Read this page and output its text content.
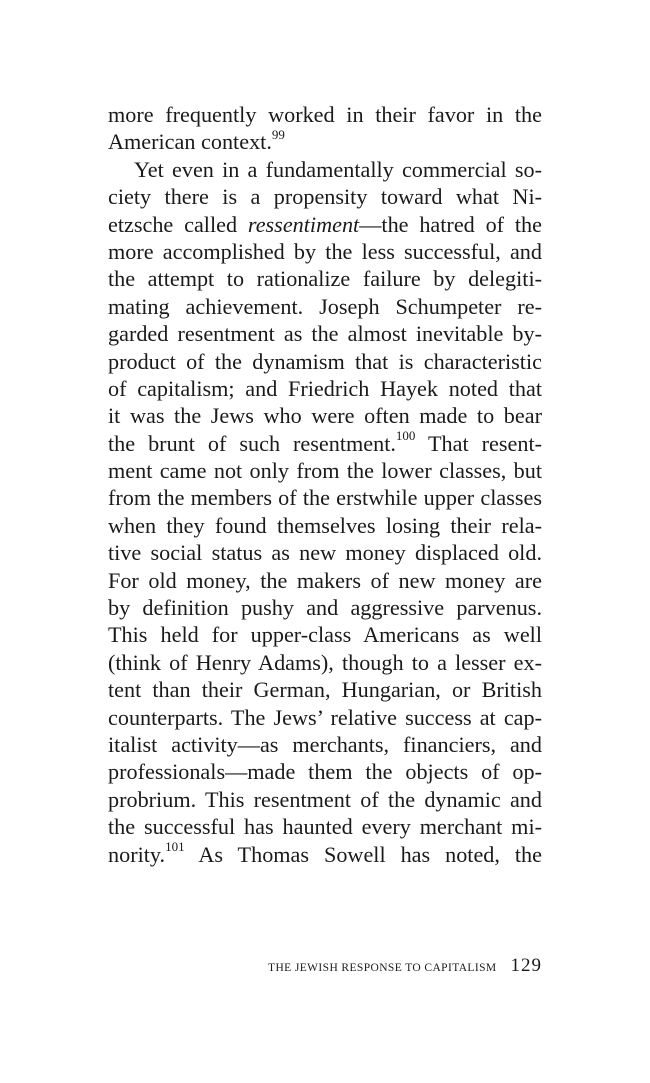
more frequently worked in their favor in the
American context.$^{99}$
Yet even in a fundamentally commercial so-
ciety there is a propensity toward what Ni-
etzsche called ressentiment—the hatred of the
more accomplished by the less successful, and
the attempt to rationalize failure by delegiti-
mating achievement. Joseph Schumpeter re-
garded resentment as the almost inevitable by-
product of the dynamism that is characteristic
of capitalism; and Friedrich Hayek noted that
it was the Jews who were often made to bear
the brunt of such resentment.$^{100}$ That resent-
ment came not only from the lower classes, but
from the members of the erstwhile upper classes
when they found themselves losing their rela-
tive social status as new money displaced old.
For old money, the makers of new money are
by definition pushy and aggressive parvenus.
This held for upper-class Americans as well
(think of Henry Adams), though to a lesser ex-
tent than their German, Hungarian, or British
counterparts. The Jews’ relative success at cap-
italist activity—as merchants, financiers, and
professionals—made them the objects of op-
probrium. This resentment of the dynamic and
the successful has haunted every merchant mi-
nority.$^{101}$ As Thomas Sowell has noted, the
THE JEWISH RESPONSE TO CAPITALISM 129
